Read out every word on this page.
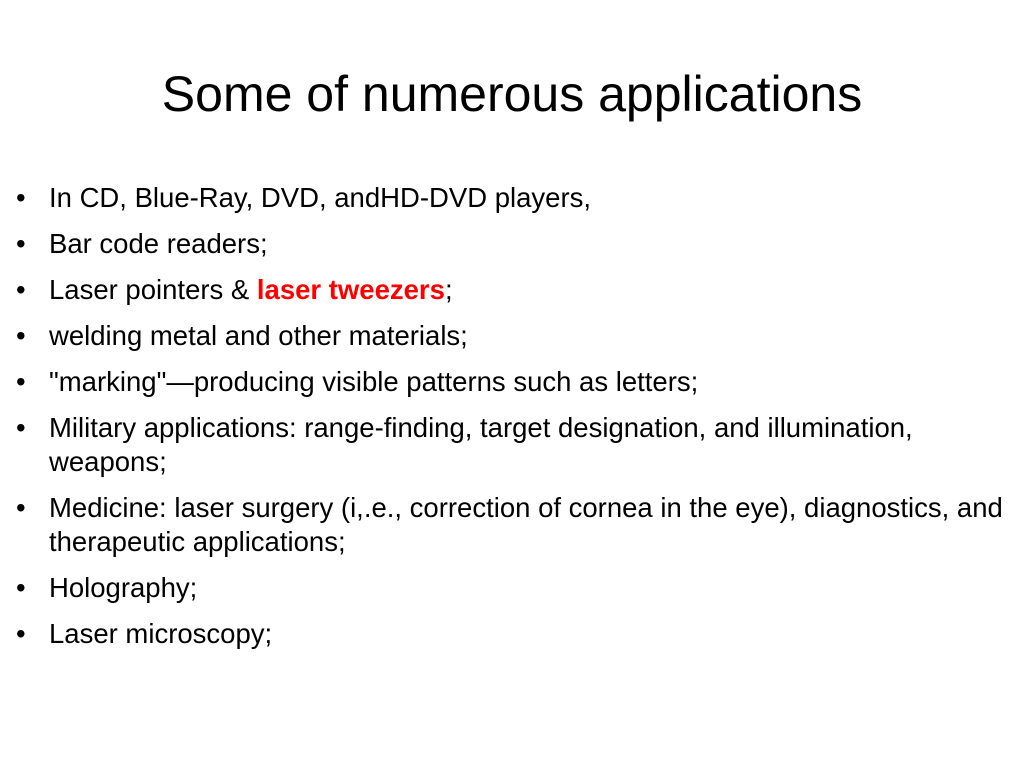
Some of numerous applications
• In CD, Blue-Ray, DVD, andHD-DVD players,
• Bar code readers;
• Laser pointers & laser tweezers;
• welding metal and other materials;
• "marking"—producing visible patterns such as letters;
• Military applications: range-finding, target designation, and illumination, weapons;
• Medicine: laser surgery (i,.e., correction of cornea in the eye), diagnostics, and therapeutic applications;
• Holography;
• Laser microscopy;
